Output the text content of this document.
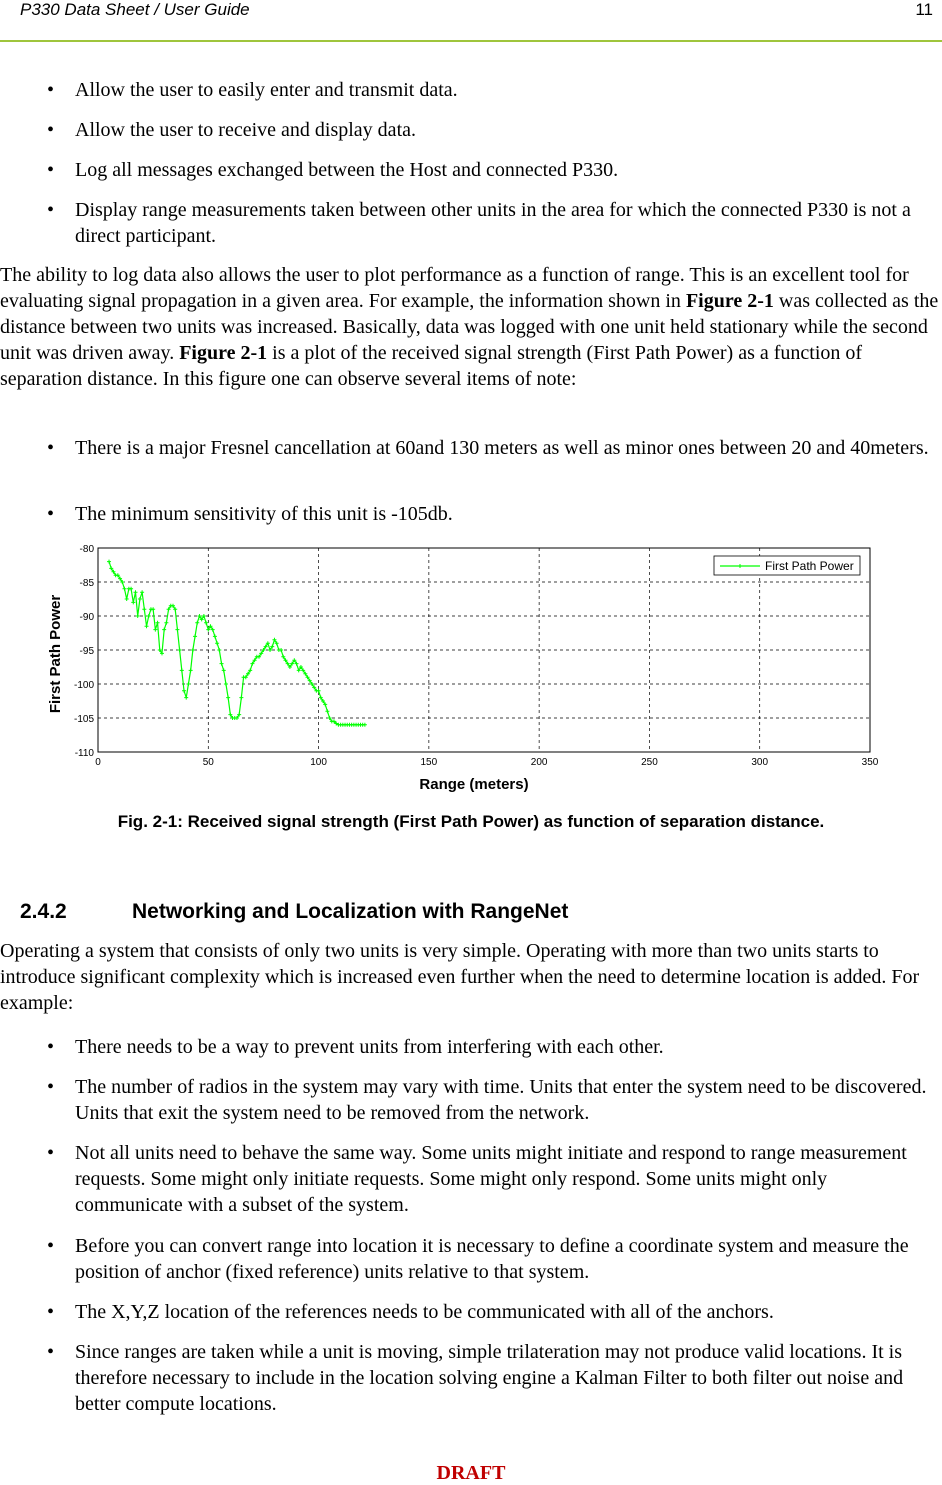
P330 Data Sheet / User Guide	11
• Allow the user to easily enter and transmit data.
• Allow the user to receive and display data.
• Log all messages exchanged between the Host and connected P330.
• Display range measurements taken between other units in the area for which the connected P330 is not a direct participant.
The ability to log data also allows the user to plot performance as a function of range. This is an excellent tool for evaluating signal propagation in a given area. For example, the information shown in Figure 2-1 was collected as the distance between two units was increased. Basically, data was logged with one unit held stationary while the second unit was driven away. Figure 2-1 is a plot of the received signal strength (First Path Power) as a function of separation distance. In this figure one can observe several items of note:
• There is a major Fresnel cancellation at 60and 130 meters as well as minor ones between 20 and 40meters.
• The minimum sensitivity of this unit is -105db.
-80
-85
-90
-95
-100
-105
-110
0	50	100	150	200	250	300	350
First Path Power
Range (meters)
First Path Power
Fig. 2-1: Received signal strength (First Path Power) as function of separation distance.
2.4.2	Networking and Localization with RangeNet
Operating a system that consists of only two units is very simple. Operating with more than two units starts to introduce significant complexity which is increased even further when the need to determine location is added. For example:
• There needs to be a way to prevent units from interfering with each other.
• The number of radios in the system may vary with time. Units that enter the system need to be discovered. Units that exit the system need to be removed from the network.
• Not all units need to behave the same way. Some units might initiate and respond to range measurement requests. Some might only initiate requests. Some might only respond. Some units might only communicate with a subset of the system.
• Before you can convert range into location it is necessary to define a coordinate system and measure the position of anchor (fixed reference) units relative to that system.
• The X,Y,Z location of the references needs to be communicated with all of the anchors.
• Since ranges are taken while a unit is moving, simple trilateration may not produce valid locations. It is therefore necessary to include in the location solving engine a Kalman Filter to both filter out noise and better compute locations.
DRAFT
